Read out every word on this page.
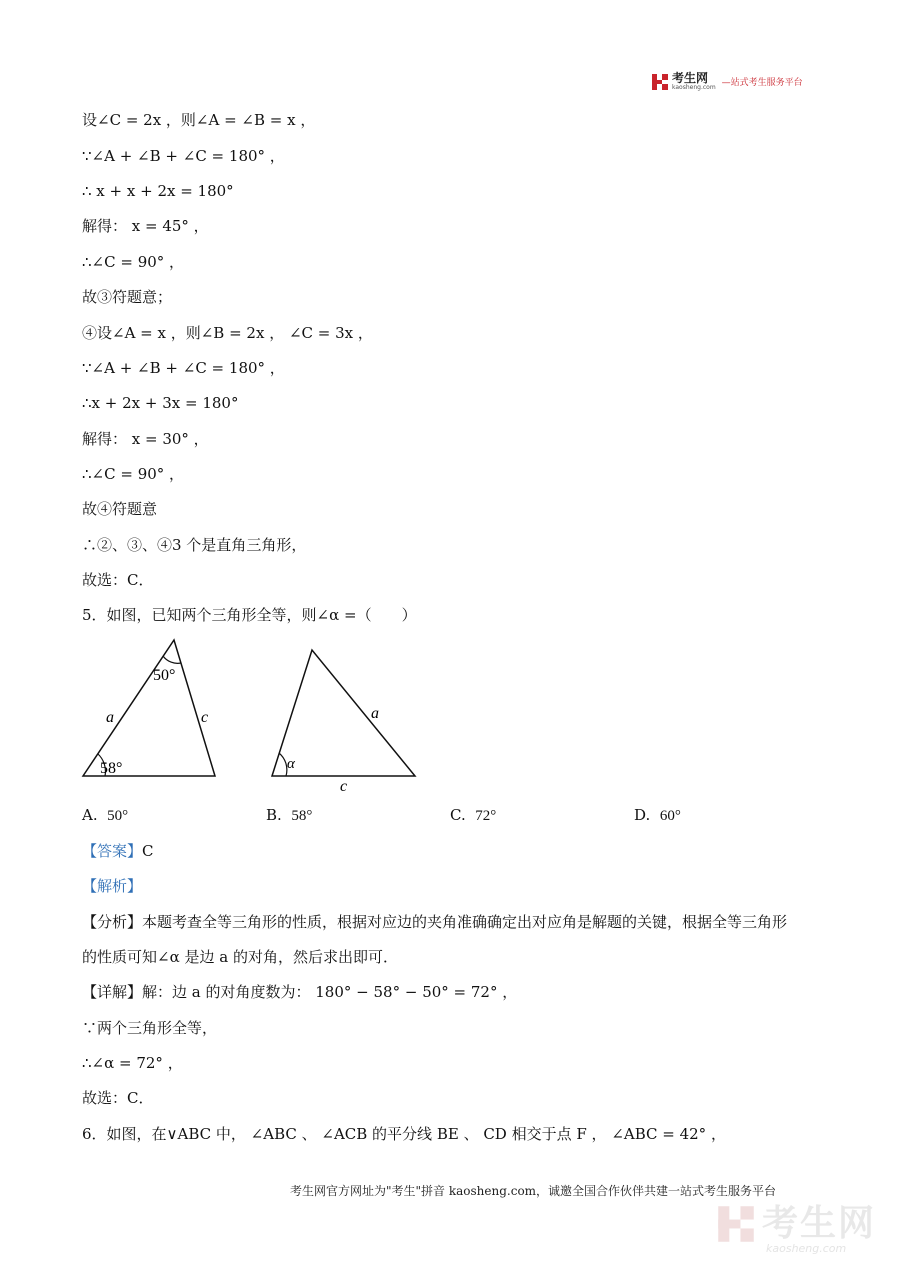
考生网
kaosheng.com —站式考生服务平台
设∠C = 2x ，则∠A = ∠B = x ，
∵∠A + ∠B + ∠C = 180° ，
∴ x + x + 2x = 180°
解得： x = 45° ，
∴∠C = 90° ，
故③符题意；
④设∠A = x ，则∠B = 2x ， ∠C = 3x ，
∵∠A + ∠B + ∠C = 180° ，
∴x + 2x + 3x = 180°
解得： x = 30° ，
∴∠C = 90° ，
故④符题意
∴②、③、④3 个是直角三角形，
故选：C．
5．如图，已知两个三角形全等，则∠α =（　　）
50°
58°
a	c
α
a
c
A. 50°	B. 58°	C. 72°	D. 60°
【答案】C
【解析】
【分析】本题考查全等三角形的性质，根据对应边的夹角准确确定出对应角是解题的关键，根据全等三角形
的性质可知∠α 是边 a 的对角，然后求出即可．
【详解】解：边 a 的对角度数为： 180° − 58° − 50° = 72° ，
∵两个三角形全等，
∴∠α = 72° ，
故选：C．
6．如图，在∨ABC 中， ∠ABC 、 ∠ACB 的平分线 BE 、 CD 相交于点 F ， ∠ABC = 42° ，
考生网官方网址为"考生"拼音 kaosheng.com，诚邀全国合作伙伴共建一站式考生服务平台
考生网
kaosheng.com
